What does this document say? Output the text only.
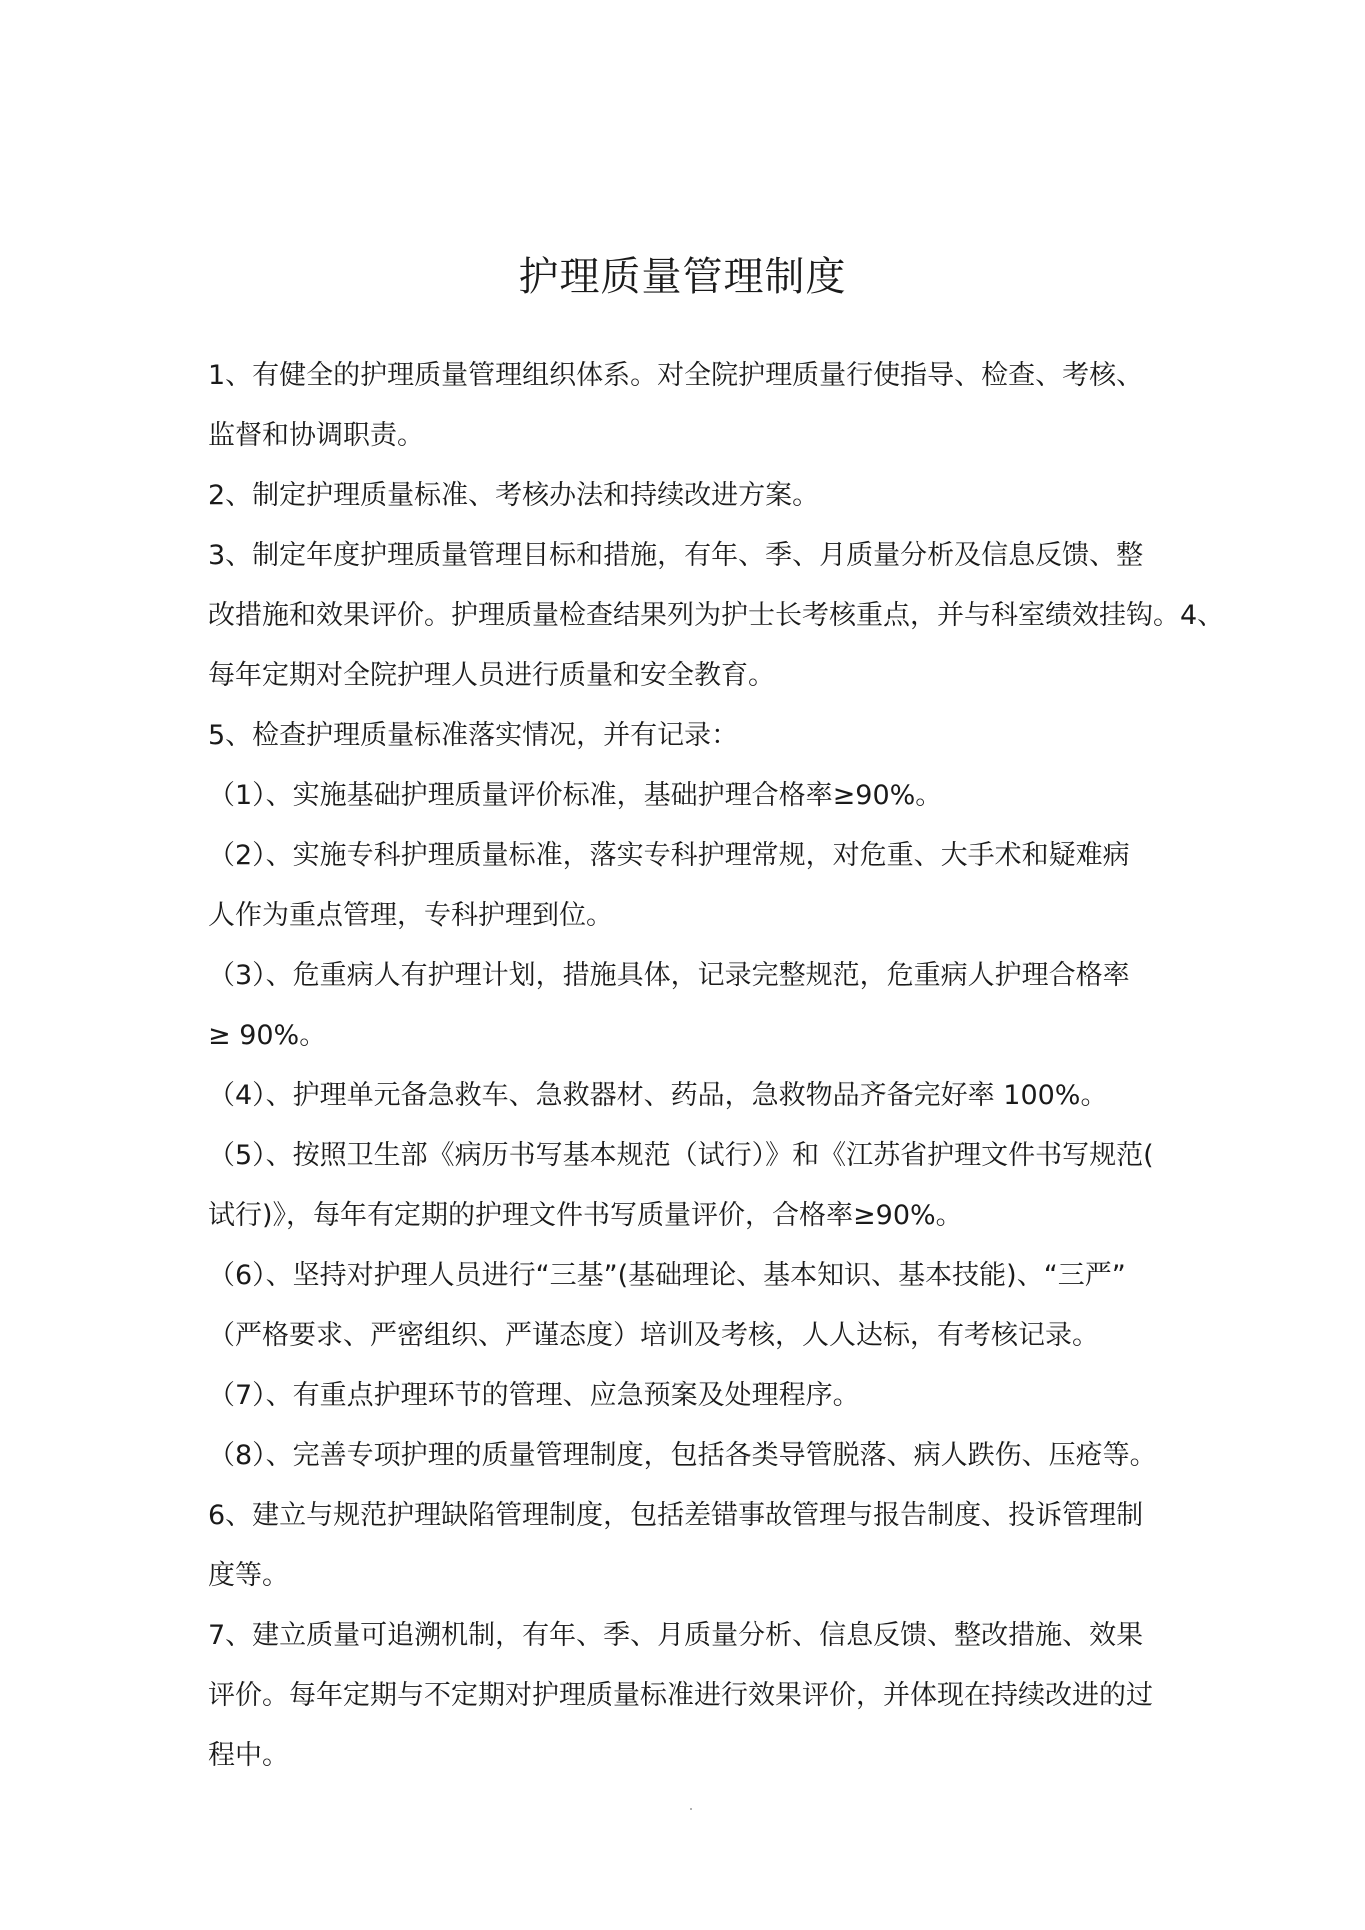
护理质量管理制度

1、有健全的护理质量管理组织体系。对全院护理质量行使指导、检查、考核、

监督和协调职责。

2、制定护理质量标准、考核办法和持续改进方案。

3、制定年度护理质量管理目标和措施，有年、季、月质量分析及信息反馈、整

改措施和效果评价。护理质量检查结果列为护士长考核重点，并与科室绩效挂钩。4、

每年定期对全院护理人员进行质量和安全教育。

5、检查护理质量标准落实情况，并有记录：

（1）、实施基础护理质量评价标准，基础护理合格率≥90%。

（2）、实施专科护理质量标准，落实专科护理常规，对危重、大手术和疑难病

人作为重点管理，专科护理到位。

（3）、危重病人有护理计划，措施具体，记录完整规范，危重病人护理合格率

≥ 90%。

（4）、护理单元备急救车、急救器材、药品，急救物品齐备完好率 100%。

（5）、按照卫生部《病历书写基本规范（试行）》和《江苏省护理文件书写规范(

试行)》，每年有定期的护理文件书写质量评价，合格率≥90%。

（6）、坚持对护理人员进行“三基”(基础理论、基本知识、基本技能)、“三严”

（严格要求、严密组织、严谨态度）培训及考核，人人达标，有考核记录。

（7）、有重点护理环节的管理、应急预案及处理程序。

（8）、完善专项护理的质量管理制度，包括各类导管脱落、病人跌伤、压疮等。

6、建立与规范护理缺陷管理制度，包括差错事故管理与报告制度、投诉管理制

度等。

7、建立质量可追溯机制，有年、季、月质量分析、信息反馈、整改措施、效果

评价。每年定期与不定期对护理质量标准进行效果评价，并体现在持续改进的过

程中。
